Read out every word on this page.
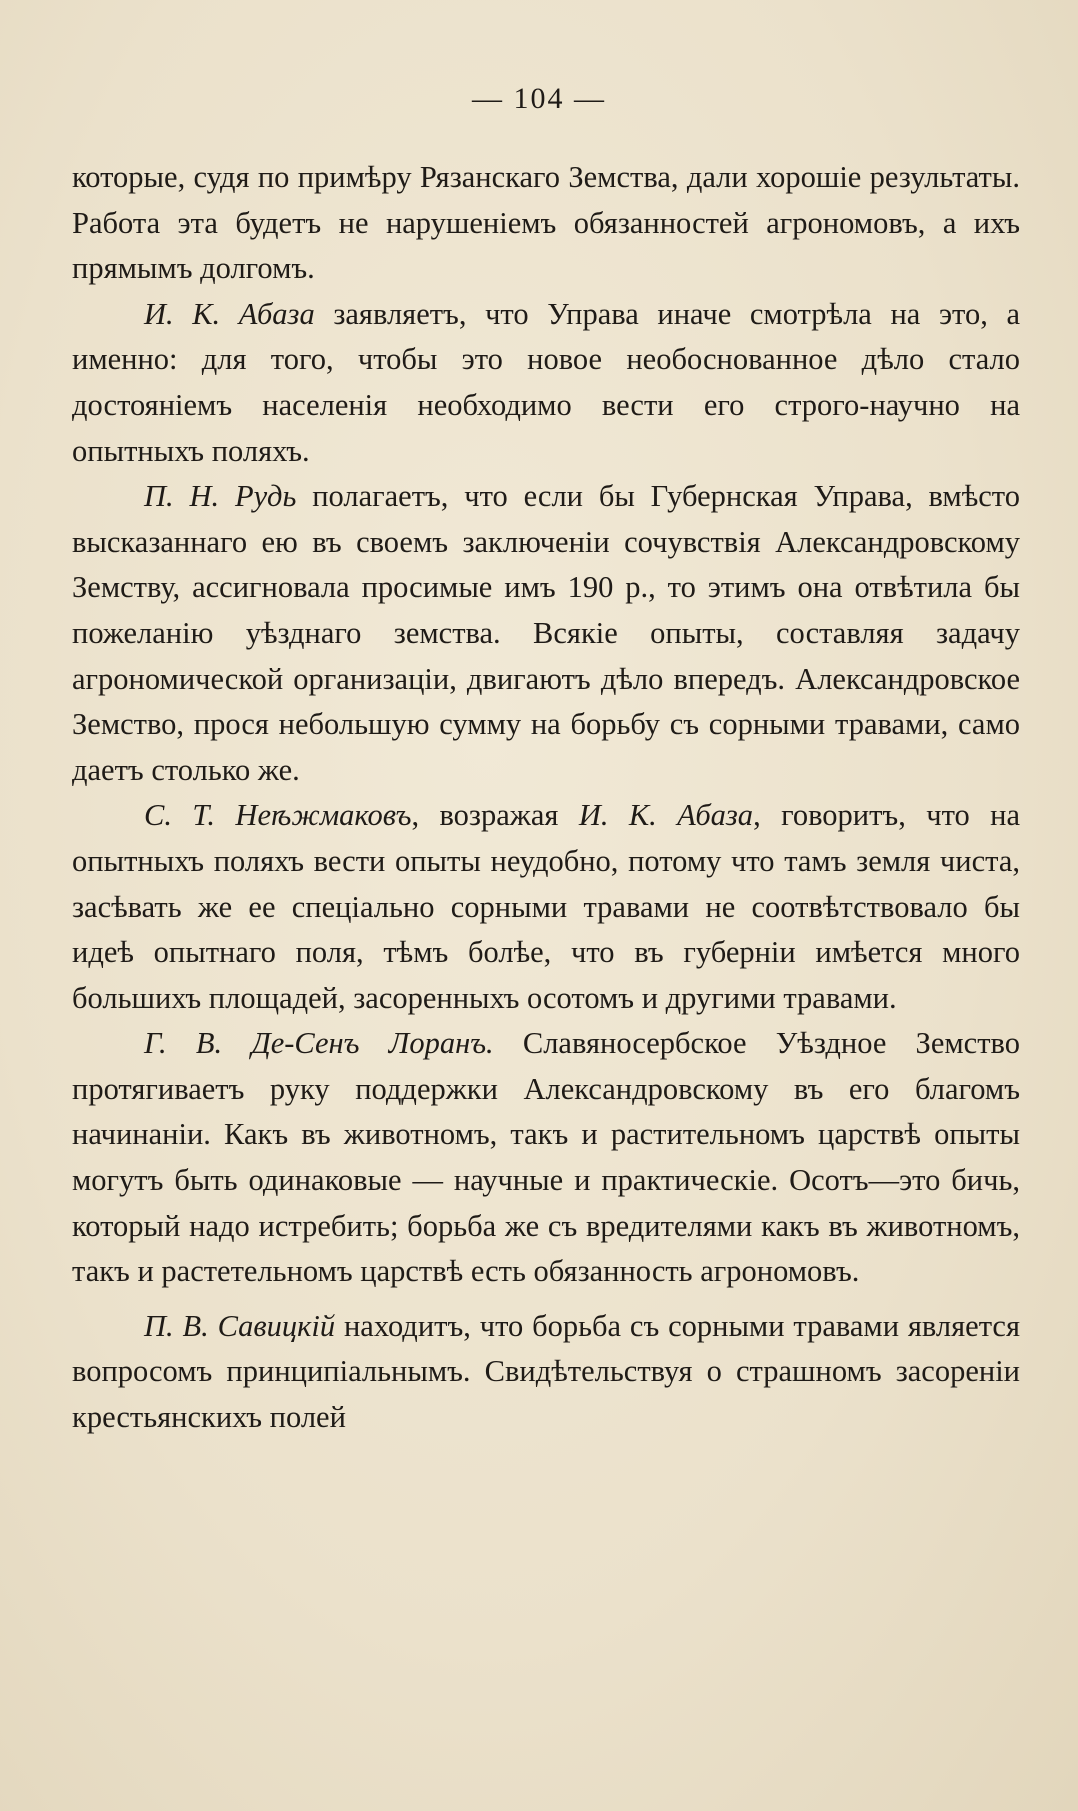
— 104 —

которые, судя по примѣру Рязанскаго Земства, дали хорошіе результаты. Работа эта будетъ не нарушеніемъ обязанностей агрономовъ, а ихъ прямымъ долгомъ.

И. К. Абаза заявляетъ, что Управа иначе смотрѣла на это, а именно: для того, чтобы это новое необоснованное дѣло стало достояніемъ населенія необходимо вести его строго-научно на опытныхъ поляхъ.

П. Н. Рудь полагаетъ, что если бы Губернская Управа, вмѣсто высказаннаго ею въ своемъ заключеніи сочувствія Александровскому Земству, ассигновала просимые имъ 190 р., то этимъ она отвѣтила бы пожеланію уѣзднаго земства. Всякіе опыты, составляя задачу агрономической организаціи, двигаютъ дѣло впередъ. Александровское Земство, прося небольшую сумму на борьбу съ сорными травами, само даетъ столько же.

С. Т. Неѣжмаковъ, возражая И. К. Абаза, говоритъ, что на опытныхъ поляхъ вести опыты неудобно, потому что тамъ земля чиста, засѣвать же ее спеціально сорными травами не соотвѣтствовало бы идеѣ опытнаго поля, тѣмъ болѣе, что въ губерніи имѣется много большихъ площадей, засоренныхъ осотомъ и другими травами.

Г. В. Де-Сенъ Лоранъ. Славяносербское Уѣздное Земство протягиваетъ руку поддержки Александровскому въ его благомъ начинаніи. Какъ въ животномъ, такъ и растительномъ царствѣ опыты могутъ быть одинаковые — научные и практическіе. Осотъ—это бичь, который надо истребить; борьба же съ вредителями какъ въ животномъ, такъ и растетельномъ царствѣ есть обязанность агрономовъ.

П. В. Савицкій находитъ, что борьба съ сорными травами является вопросомъ принципіальнымъ. Свидѣтельствуя о страшномъ засореніи крестьянскихъ полей
